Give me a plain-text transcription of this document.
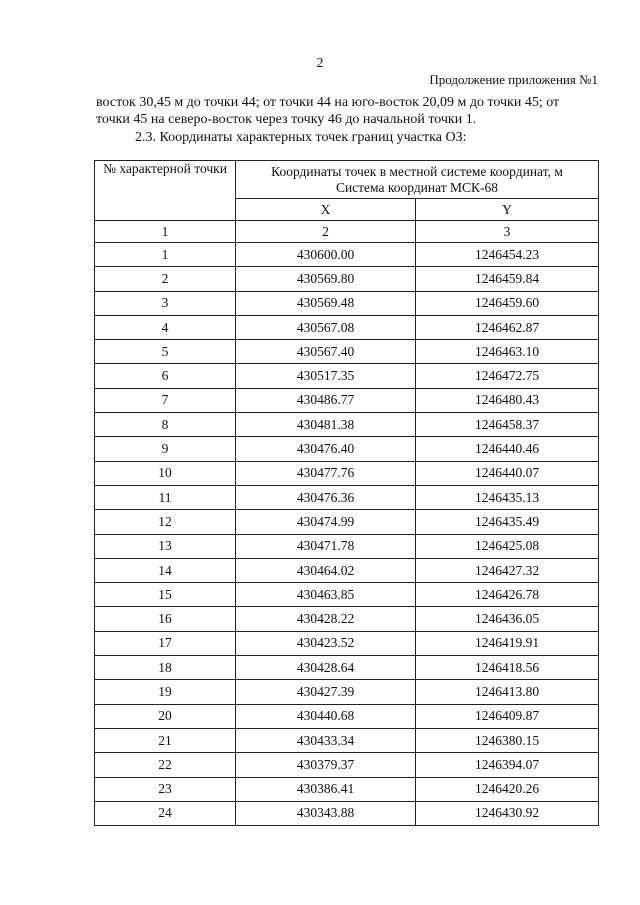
2
Продолжение приложения №1

восток 30,45 м до точки 44; от точки 44 на юго-восток 20,09 м до точки 45; от

точки 45 на северо-восток через точку 46 до начальной точки 1.

2.3. Координаты характерных точек границ участка ОЗ:
№ характерной точки	Координаты точек в местной системе координат, м
Система координат МСК-68	

	X	Y
1	2	3
1	430600.00	1246454.23
2	430569.80	1246459.84
3	430569.48	1246459.60
4	430567.08	1246462.87
5	430567.40	1246463.10
6	430517.35	1246472.75
7	430486.77	1246480.43
8	430481.38	1246458.37
9	430476.40	1246440.46
10	430477.76	1246440.07
11	430476.36	1246435.13
12	430474.99	1246435.49
13	430471.78	1246425.08
14	430464.02	1246427.32
15	430463.85	1246426.78
16	430428.22	1246436.05
17	430423.52	1246419.91
18	430428.64	1246418.56
19	430427.39	1246413.80
20	430440.68	1246409.87
21	430433.34	1246380.15
22	430379.37	1246394.07
23	430386.41	1246420.26
24	430343.88	1246430.92
